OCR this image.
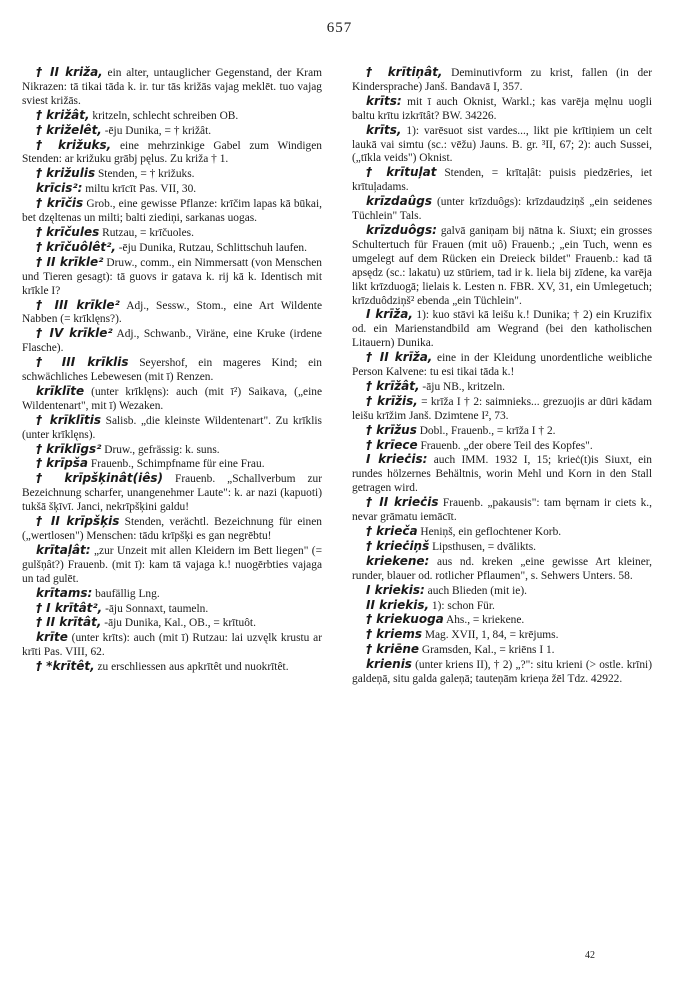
657

† II križa, ein alter, untauglicher Gegenstand, der Kram Nikrazen: tā tikai tāda k. ir. tur tās križās vajag meklēt. tuo vajag sviest križās.

† križât, kritzeln, schlecht schreiben OB.

† križelêt, -ēju Dunika, = † križât.

† križuks, eine mehrzinkige Gabel zum Windigen Stenden: ar križuku grābj pęlus. Zu križa † 1.

† križulis Stenden, = † križuks.

krīcis²: miltu krīcīt Pas. VII, 30.

† krīčis Grob., eine gewisse Pflanze: krīčim lapas kā būkai, bet dzęltenas un milti; balti ziediņi, sarkanas uogas.

† krīčules Rutzau, = krīčuoles.

† krīčuôlêt², -ēju Dunika, Rutzau, Schlittschuh laufen.

† II krīkle² Druw., comm., ein Nimmersatt (von Menschen und Tieren gesagt): tā guovs ir gatava k. rij kā k. Identisch mit krīkle I?

† III krīkle² Adj., Sessw., Stom., eine Art Wildente Nabben (= krīklęns?).

† IV krīkle² Adj., Schwanb., Viräne, eine Kruke (irdene Flasche).

† III krīklis Seyershof, ein mageres Kind; ein schwächliches Lebewesen (mit ī) Renzen.

krīklīte (unter krīklęns): auch (mit ī²) Saikava, („eine Wildentenart", mit ī) Wezaken.

† krīklītis Salisb. „die kleinste Wildentenart". Zu krīklis (unter krīklęns).

† krīklīgs² Druw., gefrässig: k. suns.

† krīpša Frauenb., Schimpfname für eine Frau.

† krīpšķinât(iês) Frauenb. „Schallverbum zur Bezeichnung scharfer, unangenehmer Laute": k. ar nazi (kapuoti) tukšā šķīvī. Janci, nekrīpšķini galdu!

† II krīpšķis Stenden, verächtl. Bezeichnung für einen („wertlosen") Menschen: tādu krīpšķi es gan negrēbtu!

krītaļât: „zur Unzeit mit allen Kleidern im Bett liegen" (= gulšņât?) Frauenb. (mit ī): kam tā vajaga k.! nuogērbties vajaga un tad gulēt.

krītams: baufällig Lng.

† I krītât², -āju Sonnaxt, taumeln.

† II krītât, -āju Dunika, Kal., OB., = krītuôt.

krīte (unter krīts): auch (mit ī) Rutzau: lai uzvęlk krustu ar krīti Pas. VIII, 62.

† *krītêt, zu erschliessen aus apkrītêt und nuokrītêt.

† krītiņât, Deminutivform zu krist, fallen (in der Kindersprache) Janš. Bandavā I, 357.

krīts: mit ī auch Oknist, Warkl.; kas varēja męlnu uogli baltu krītu izkrītât? BW. 34226.

krīts, 1): varēsuot sist vardes..., likt pie krītiņiem un celt laukā vai simtu (sc.: vēžu) Jauns. B. gr. ³II, 67; 2): auch Sussei, („tīkla veids") Oknist.

† krītuļat Stenden, = krītaļât: puisis piedzēries, iet krītuļadams.

krīzdaûgs (unter krīzduôgs): krīzdaudziņš „ein seidenes Tüchlein" Tals.

krīzduôgs: galvā ganiņam bij nātna k. Siuxt; ein grosses Schultertuch für Frauen (mit uô) Frauenb.; „ein Tuch, wenn es umgelegt auf dem Rücken ein Dreieck bildet" Frauenb.: kad tā apsędz (sc.: lakatu) uz stūriem, tad ir k. liela bij zīdene, ka varēja likt krīzduogā; lielais k. Lesten n. FBR. XV, 31, ein Umlegetuch; krīzduôdziņš² ebenda „ein Tüchlein".

I krīža, 1): kuo stāvi kā leišu k.! Dunika; † 2) ein Kruzifix od. ein Marienstandbild am Wegrand (bei den katholischen Litauern) Dunika.

† II krīža, eine in der Kleidung unordentliche weibliche Person Kalvene: tu esi tikai tāda k.!

† krīžât, -āju NB., kritzeln.

† krīžis, = krīža I † 2: saimnieks... grezuojis ar dūri kādam leišu krīžim Janš. Dzimtene I², 73.

† krīžus Dobl., Frauenb., = krīža I † 2.

† krīece Frauenb. „der obere Teil des Kopfes".

I krieċis: auch IMM. 1932 I, 15; krieċ(t)is Siuxt, ein rundes hölzernes Behältnis, worin Mehl und Korn in den Stall getragen wird.

† II krieċis Frauenb. „pakausis": tam bęrnam ir ciets k., nevar grāmatu iemācīt.

† krieča Heniņš, ein geflochtener Korb.

† krieċiņš Lipsthusen, = dvālikts.

kriekene: aus nd. kreken „eine gewisse Art kleiner, runder, blauer od. rotlicher Pflaumen", s. Sehwers Unters. 58.

I kriekis: auch Blieden (mit ie).

II kriekis, 1): schon Für.

† kriekuoga Ahs., = kriekene.

† kriems Mag. XVII, 1, 84, = krējums.

† kriēne Gramsden, Kal., = kriēns I 1.

krienis (unter kriens II), † 2) „?": situ krieni (> ostle. krīni) galdeņā, situ galda galeņā; tauteņām krieņa žēl Tdz. 42922.

42
